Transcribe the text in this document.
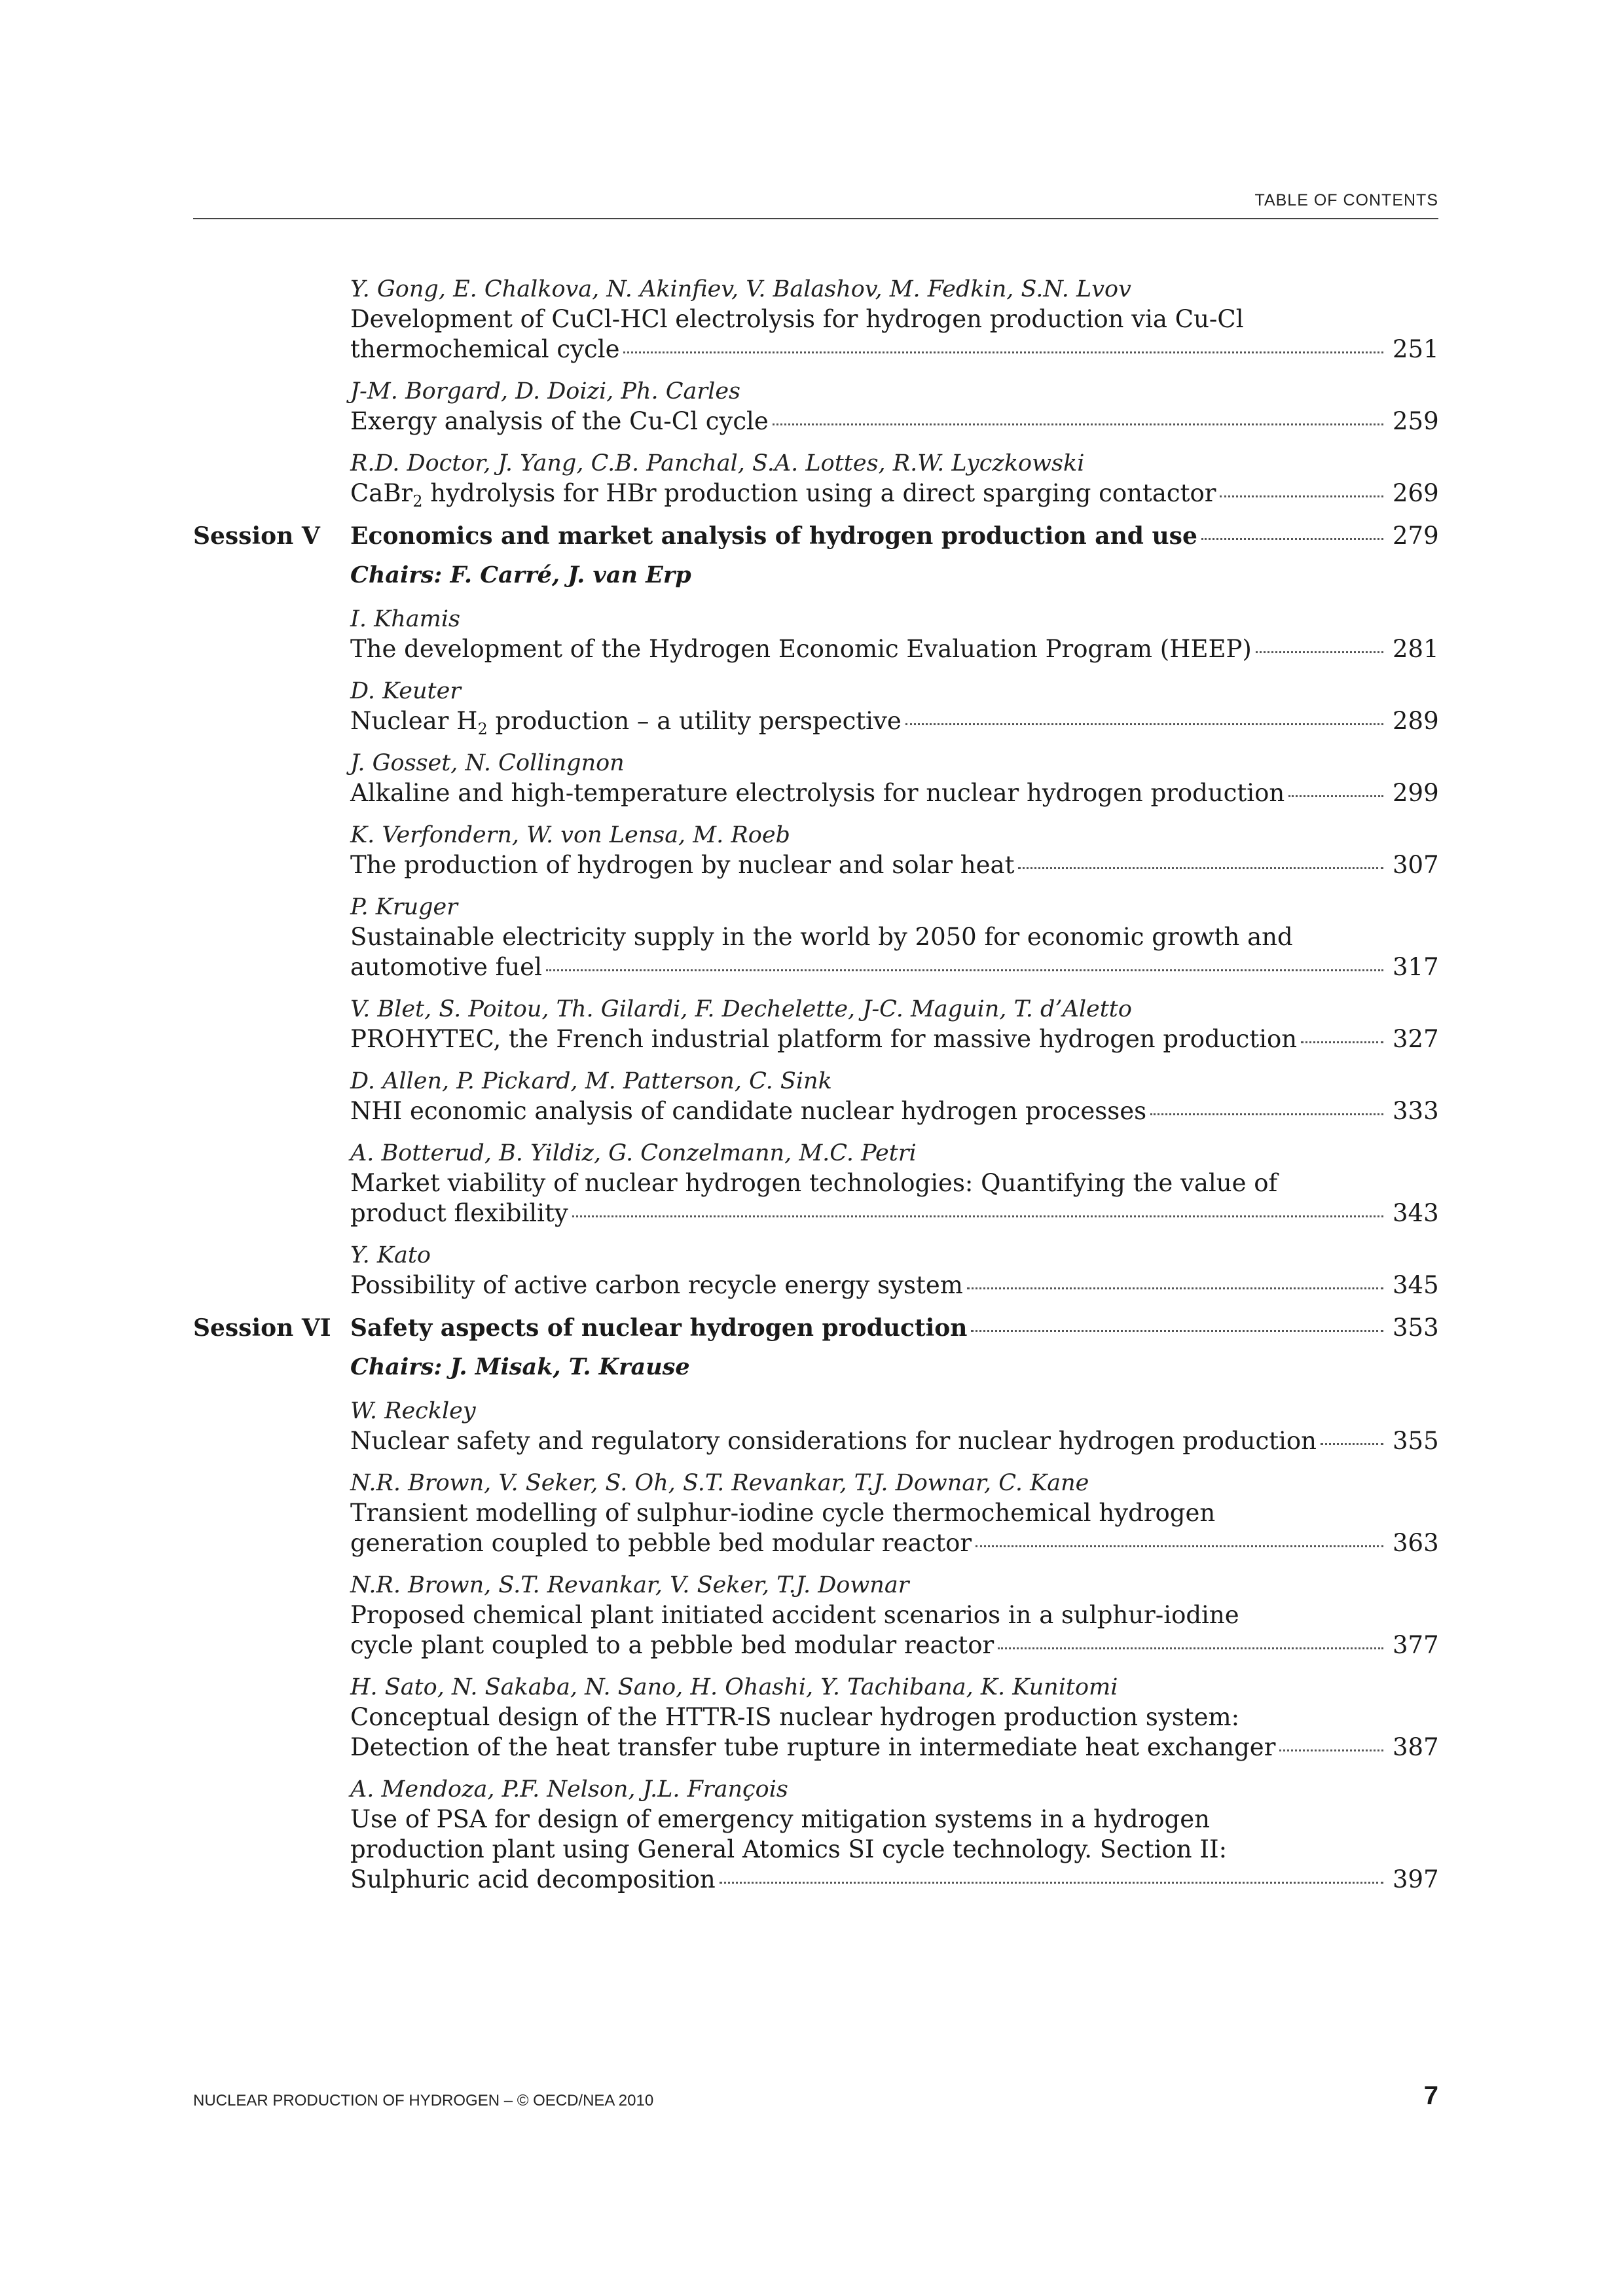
TABLE OF CONTENTS
Y. Gong, E. Chalkova, N. Akinfiev, V. Balashov, M. Fedkin, S.N. Lvov
Development of CuCl-HCl electrolysis for hydrogen production via Cu-Cl
thermochemical cycle	251
J-M. Borgard, D. Doizi, Ph. Carles
Exergy analysis of the Cu-Cl cycle	259
R.D. Doctor, J. Yang, C.B. Panchal, S.A. Lottes, R.W. Lyczkowski
CaBr$_2$ hydrolysis for HBr production using a direct sparging contactor	269
Session V Economics and market analysis of hydrogen production and use	279
Chairs: F. Carré, J. van Erp
I. Khamis
The development of the Hydrogen Economic Evaluation Program (HEEP)	281
D. Keuter
Nuclear $H_2$ production – a utility perspective	289
J. Gosset, N. Collingnon
Alkaline and high-temperature electrolysis for nuclear hydrogen production	299
K. Verfondern, W. von Lensa, M. Roeb
The production of hydrogen by nuclear and solar heat	307
P. Kruger
Sustainable electricity supply in the world by 2050 for economic growth and
automotive fuel	317
V. Blet, S. Poitou, Th. Gilardi, F. Dechelette, J-C. Maguin, T. d’Aletto
PROHYTEC, the French industrial platform for massive hydrogen production	327
D. Allen, P. Pickard, M. Patterson, C. Sink
NHI economic analysis of candidate nuclear hydrogen processes	333
A. Botterud, B. Yildiz, G. Conzelmann, M.C. Petri
Market viability of nuclear hydrogen technologies: Quantifying the value of
product flexibility	343
Y. Kato
Possibility of active carbon recycle energy system	345
Session VI Safety aspects of nuclear hydrogen production	353
Chairs: J. Misak, T. Krause
W. Reckley
Nuclear safety and regulatory considerations for nuclear hydrogen production	355
N.R. Brown, V. Seker, S. Oh, S.T. Revankar, T.J. Downar, C. Kane
Transient modelling of sulphur-iodine cycle thermochemical hydrogen
generation coupled to pebble bed modular reactor	363
N.R. Brown, S.T. Revankar, V. Seker, T.J. Downar
Proposed chemical plant initiated accident scenarios in a sulphur-iodine
cycle plant coupled to a pebble bed modular reactor	377
H. Sato, N. Sakaba, N. Sano, H. Ohashi, Y. Tachibana, K. Kunitomi
Conceptual design of the HTTR-IS nuclear hydrogen production system:
Detection of the heat transfer tube rupture in intermediate heat exchanger	387
A. Mendoza, P.F. Nelson, J.L. François
Use of PSA for design of emergency mitigation systems in a hydrogen
production plant using General Atomics SI cycle technology. Section II:
Sulphuric acid decomposition	397
NUCLEAR PRODUCTION OF HYDROGEN – © OECD/NEA 2010	7
